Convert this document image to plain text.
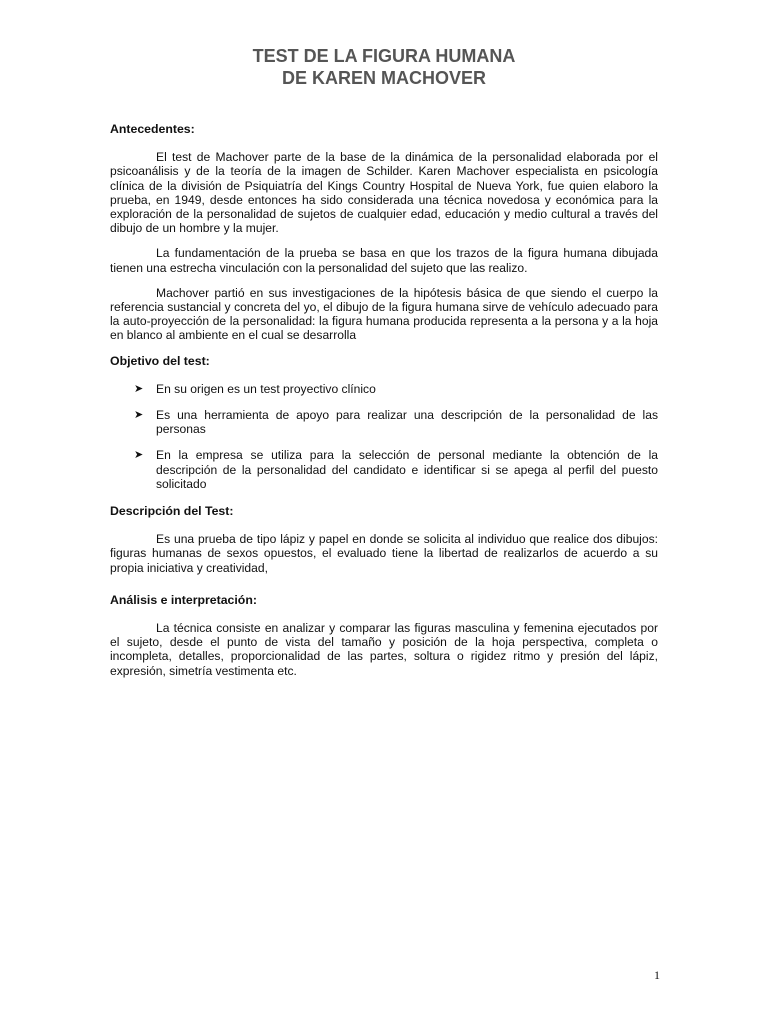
TEST DE LA FIGURA HUMANA
DE KAREN MACHOVER
Antecedentes:

El test de Machover parte de la base de la dinámica de la personalidad elaborada por el psicoanálisis y de la teoría de la imagen de Schilder. Karen Machover especialista en psicología clínica de la división de Psiquiatría del Kings Country Hospital de Nueva York, fue quien elaboro la prueba, en 1949, desde entonces ha sido considerada una técnica novedosa y económica para la exploración de la personalidad de sujetos de cualquier edad, educación y medio cultural a través del dibujo de un hombre y la mujer.

La fundamentación de la prueba se basa en que los trazos de la figura humana dibujada tienen una estrecha vinculación con la personalidad del sujeto que las realizo.

Machover partió en sus investigaciones de la hipótesis básica de que siendo el cuerpo la referencia sustancial y concreta del yo, el dibujo de la figura humana sirve de vehículo adecuado para la auto-proyección de la personalidad: la figura humana producida representa a la persona y a la hoja en blanco al ambiente en el cual se desarrolla

Objetivo del test:
➤ En su origen es un test proyectivo clínico
➤ Es una herramienta de apoyo para realizar una descripción de la personalidad de las personas
➤ En la empresa se utiliza para la selección de personal mediante la obtención de la descripción de la personalidad del candidato e identificar si se apega al perfil del puesto solicitado
Descripción del Test:

Es una prueba de tipo lápiz y papel en donde se solicita al individuo que realice dos dibujos: figuras humanas de sexos opuestos, el evaluado tiene la libertad de realizarlos de acuerdo a su propia iniciativa y creatividad,

Análisis e interpretación:

La técnica consiste en analizar y comparar las figuras masculina y femenina ejecutados por el sujeto, desde el punto de vista del tamaño y posición de la hoja perspectiva, completa o incompleta, detalles, proporcionalidad de las partes, soltura o rigidez ritmo y presión del lápiz, expresión, simetría vestimenta etc.

1
